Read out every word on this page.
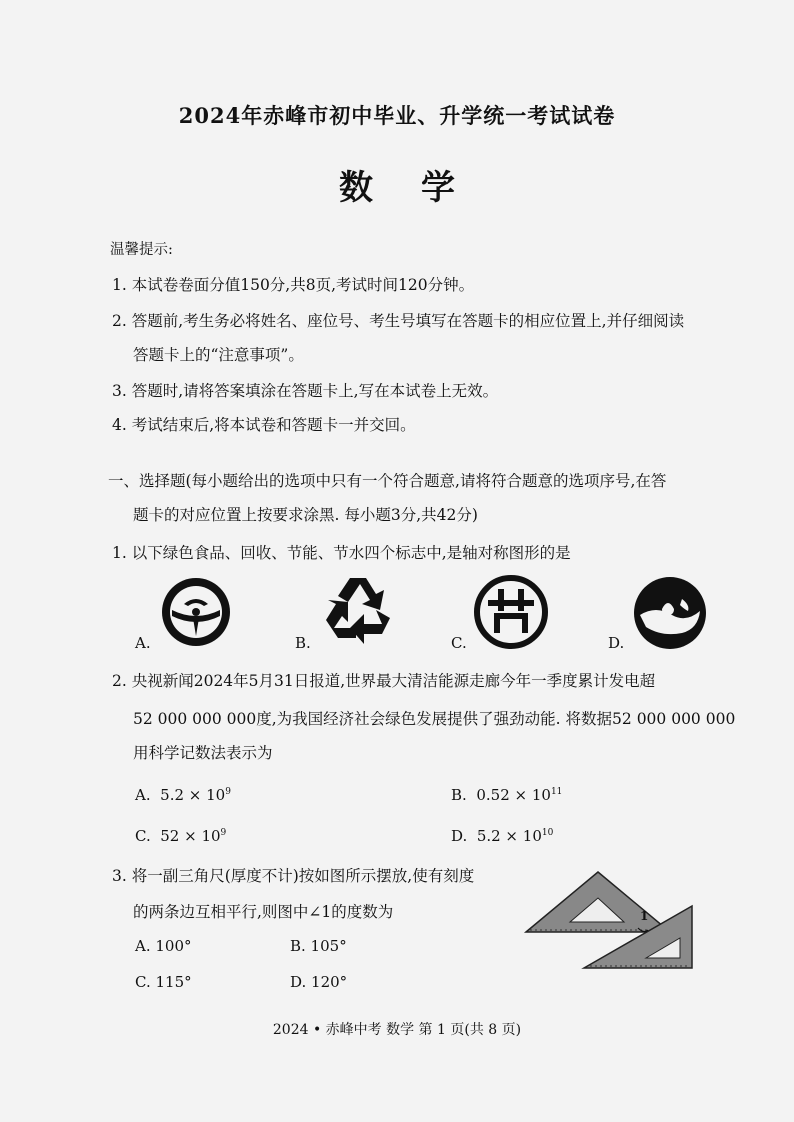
2024年赤峰市初中毕业、升学统一考试试卷
数学
温馨提示:
1. 本试卷卷面分值150分,共8页,考试时间120分钟。
2. 答题前,考生务必将姓名、座位号、考生号填写在答题卡的相应位置上,并仔细阅读
答题卡上的“注意事项”。
3. 答题时,请将答案填涂在答题卡上,写在本试卷上无效。
4. 考试结束后,将本试卷和答题卡一并交回。
一、选择题(每小题给出的选项中只有一个符合题意,请将符合题意的选项序号,在答
题卡的对应位置上按要求涂黑. 每小题3分,共42分)
1. 以下绿色食品、回收、节能、节水四个标志中,是轴对称图形的是
A.	B.	C.	D.
2. 央视新闻2024年5月31日报道,世界最大清洁能源走廊今年一季度累计发电超
52 000 000 000度,为我国经济社会绿色发展提供了强劲动能. 将数据52 000 000 000
用科学记数法表示为
A. $5.2 \times 10^9$	B. $0.52 \times 10^{11}$
C. $52 \times 10^9$	D. $5.2 \times 10^{10}$
3. 将一副三角尺(厚度不计)按如图所示摆放,使有刻度
的两条边互相平行,则图中∠1的度数为
A. 100°	B. 105°
C. 115°	D. 120°
1
2024 • 赤峰中考 数学 第 1 页(共 8 页)
